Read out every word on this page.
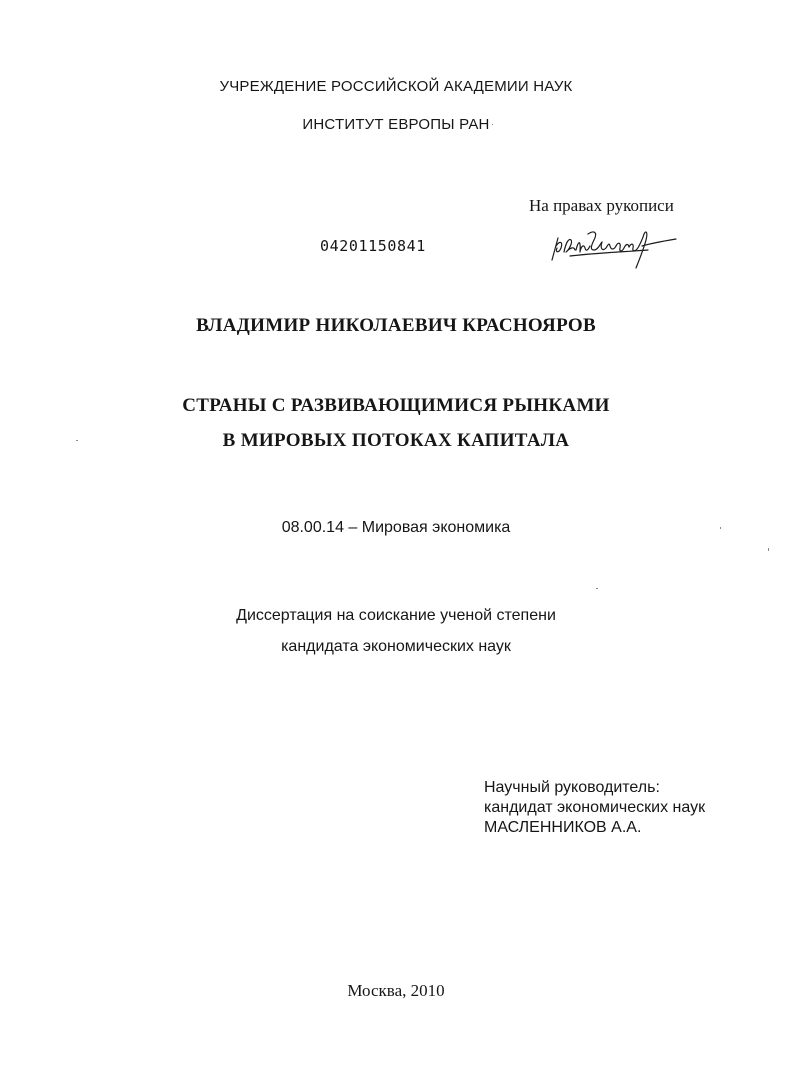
УЧРЕЖДЕНИЕ РОССИЙСКОЙ АКАДЕМИИ НАУК
ИНСТИТУТ ЕВРОПЫ РАН
На правах рукописи
04201150841
ВЛАДИМИР НИКОЛАЕВИЧ КРАСНОЯРОВ
СТРАНЫ С РАЗВИВАЮЩИМИСЯ РЫНКАМИ
В МИРОВЫХ ПОТОКАХ КАПИТАЛА
08.00.14 – Мировая экономика
Диссертация на соискание ученой степени
кандидата экономических наук
Научный руководитель:
кандидат экономических наук
МАСЛЕННИКОВ А.А.
Москва, 2010
